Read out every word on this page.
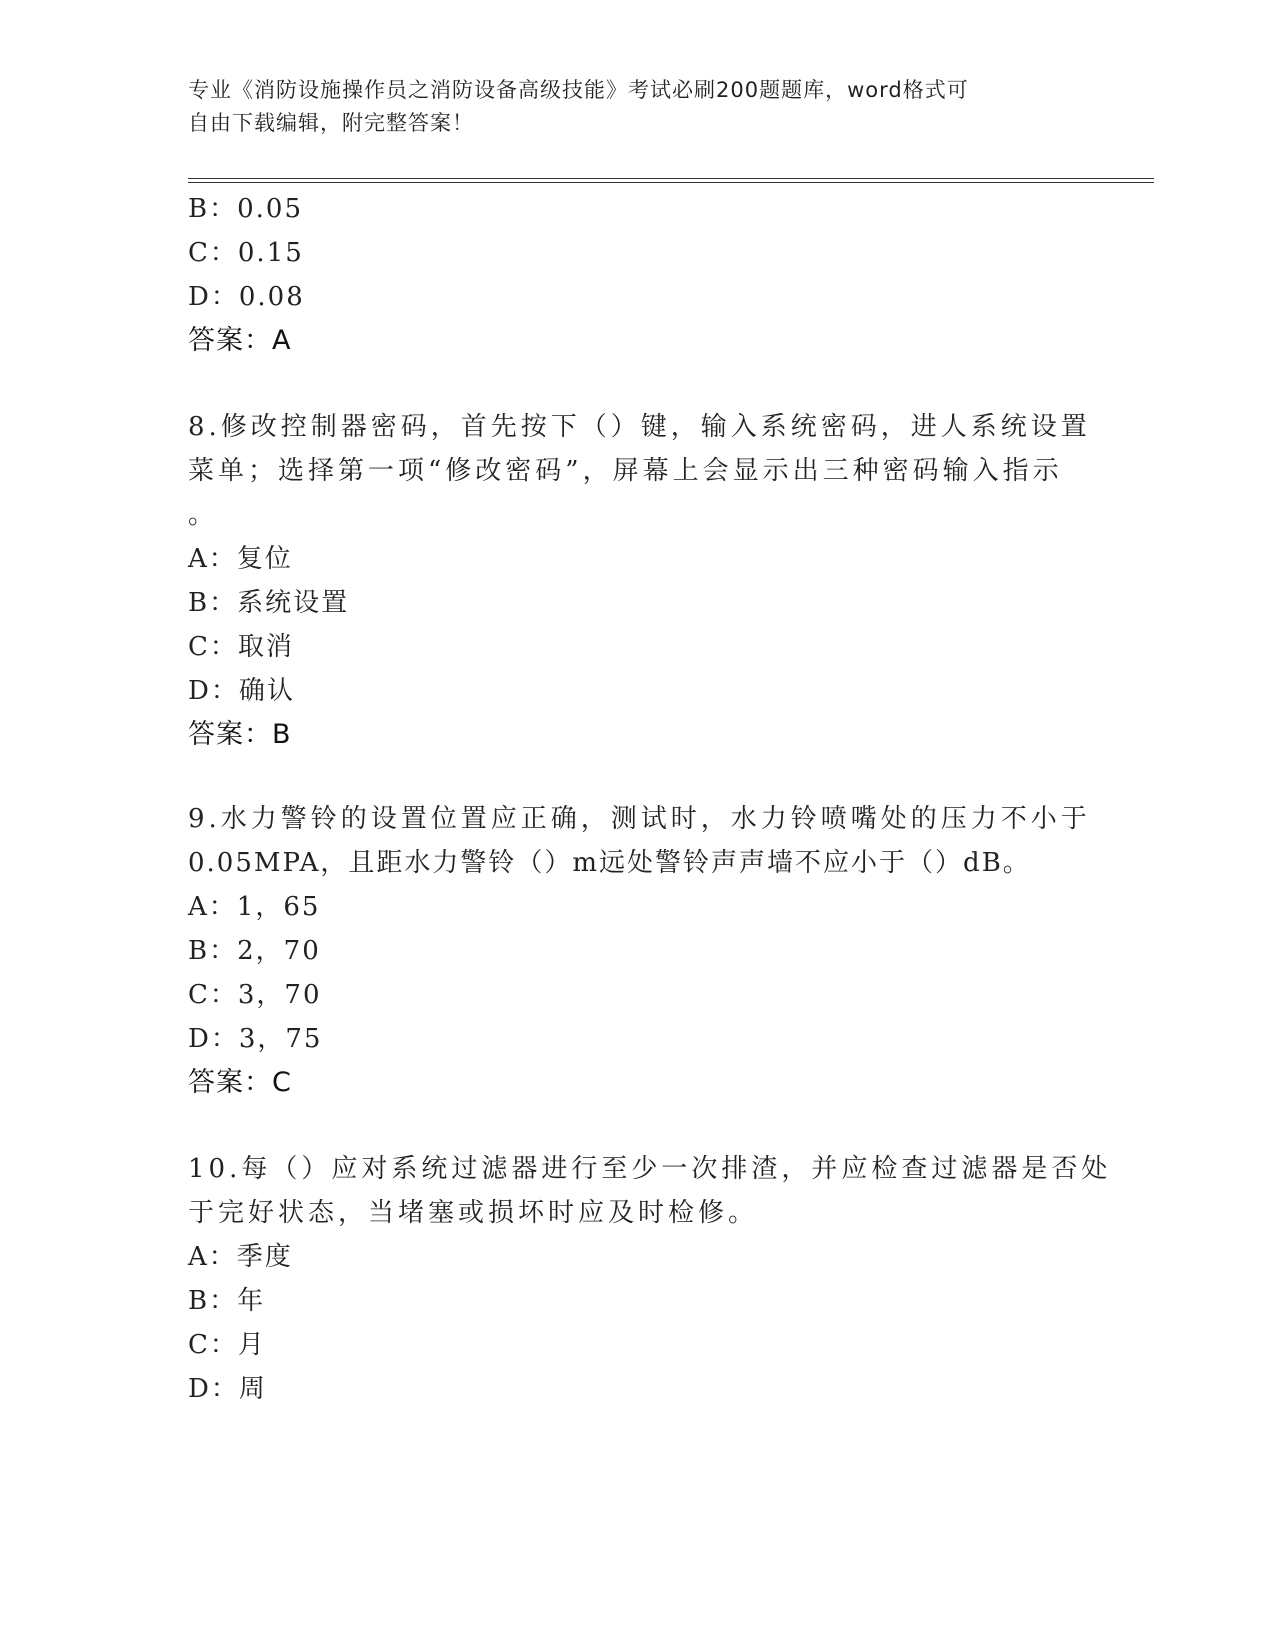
专业《消防设施操作员之消防设备高级技能》考试必刷200题题库，word格式可
自由下载编辑，附完整答案！
B：0.05
C：0.15
D：0.08
答案：A
8.修改控制器密码，首先按下（）键，输入系统密码，进人系统设置
菜单；选择第一项“修改密码”，屏幕上会显示出三种密码输入指示
。
A：复位
B：系统设置
C：取消
D：确认
答案：B
9.水力警铃的设置位置应正确，测试时，水力铃喷嘴处的压力不小于
0.05MPA，且距水力警铃（）m远处警铃声声墙不应小于（）dB。
A：1，65
B：2，70
C：3，70
D：3，75
答案：C
10.每（）应对系统过滤器进行至少一次排渣，并应检查过滤器是否处
于完好状态，当堵塞或损坏时应及时检修。
A：季度
B：年
C：月
D：周
